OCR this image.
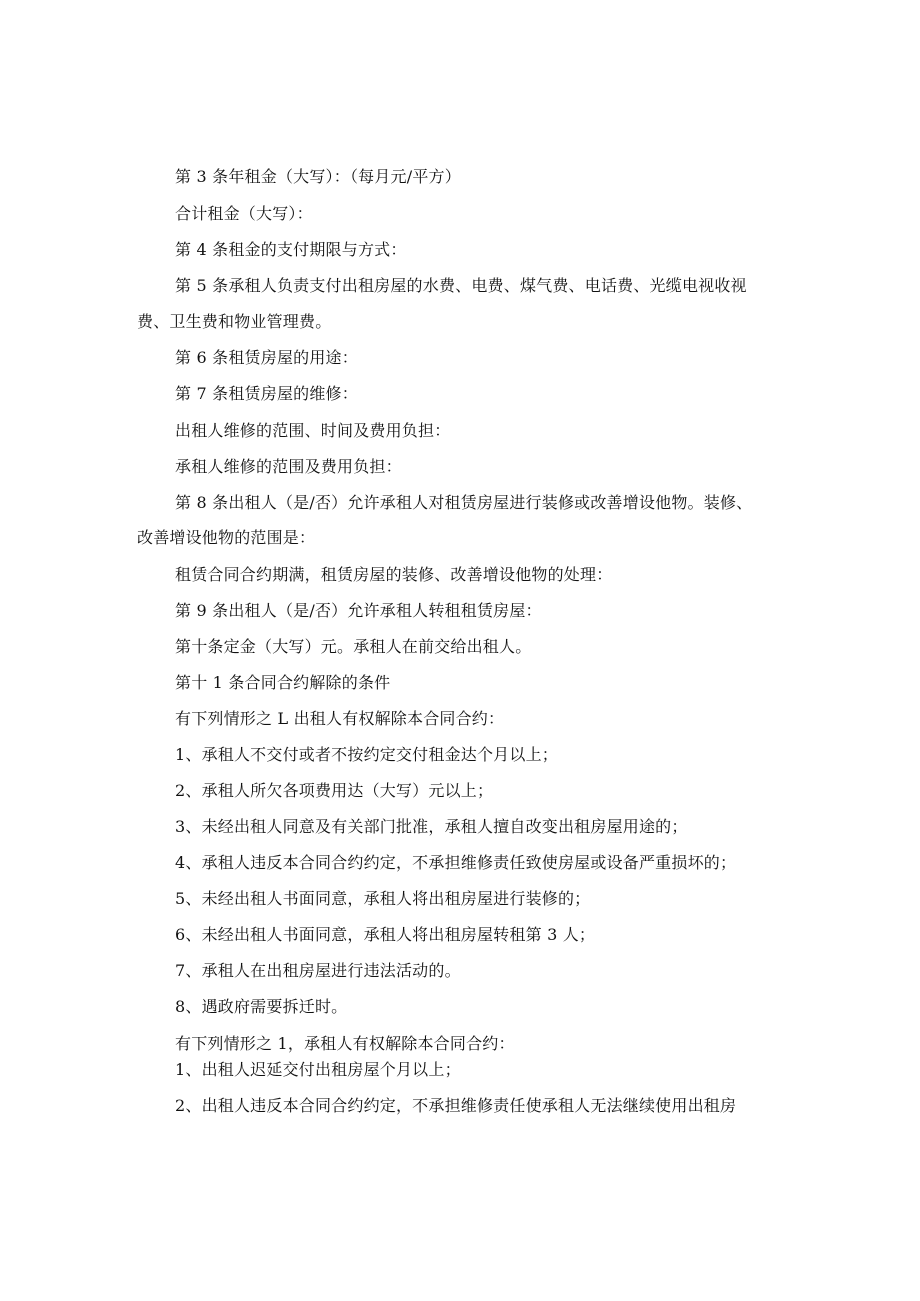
第 3 条年租金（大写）：（每月元/平方）
合计租金（大写）：
第 4 条租金的支付期限与方式：
第 5 条承租人负责支付出租房屋的水费、电费、煤气费、电话费、光缆电视收视
费、卫生费和物业管理费。
第 6 条租赁房屋的用途：
第 7 条租赁房屋的维修：
出租人维修的范围、时间及费用负担：
承租人维修的范围及费用负担：
第 8 条出租人（是/否）允许承租人对租赁房屋进行装修或改善增设他物。装修、
改善增设他物的范围是：
租赁合同合约期满，租赁房屋的装修、改善增设他物的处理：
第 9 条出租人（是/否）允许承租人转租租赁房屋：
第十条定金（大写）元。承租人在前交给出租人。
第十 1 条合同合约解除的条件
有下列情形之 L 出租人有权解除本合同合约：
1、承租人不交付或者不按约定交付租金达个月以上；
2、承租人所欠各项费用达（大写）元以上；
3、未经出租人同意及有关部门批准，承租人擅自改变出租房屋用途的；
4、承租人违反本合同合约约定，不承担维修责任致使房屋或设备严重损坏的；
5、未经出租人书面同意，承租人将出租房屋进行装修的；
6、未经出租人书面同意，承租人将出租房屋转租第 3 人；
7、承租人在出租房屋进行违法活动的。
8、遇政府需要拆迁时。
有下列情形之 1，承租人有权解除本合同合约：
1、出租人迟延交付出租房屋个月以上；
2、出租人违反本合同合约约定，不承担维修责任使承租人无法继续使用出租房
